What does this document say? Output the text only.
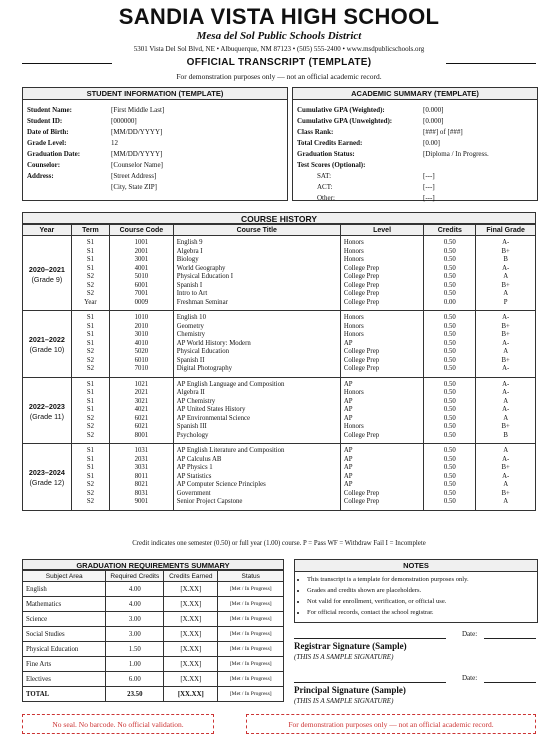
SANDIA VISTA HIGH SCHOOL
Mesa del Sol Public Schools District
5301 Vista Del Sol Blvd, NE • Albuquerque, NM 87123 • (505) 555-2400 • www.msdpublicschools.org
OFFICIAL TRANSCRIPT (TEMPLATE)
For demonstration purposes only — not an official academic record.
STUDENT INFORMATION (TEMPLATE)
Student Name:	[First Middle Last]
Student ID:	[000000]
Date of Birth:	[MM/DD/YYYY]
Grade Level:	12
Graduation Date:	[MM/DD/YYYY]
Counselor:	[Counselor Name]
Address:	[Street Address]
[City, State ZIP]
ACADEMIC SUMMARY (TEMPLATE)
Cumulative GPA (Weighted):	[0.000]
Cumulative GPA (Unweighted):	[0.000]
Class Rank:	[###] of [###]
Total Credits Earned:	[0.00]
Graduation Status:	[Diploma / In Progress.
Test Scores (Optional):
SAT:	[---]
ACT:	[---]
Other:	[---]
COURSE HISTORY
Year	Term	Course Code	Course Title	Level	Credits	Final Grade

2020–2021
(Grade 9)	S1	1001	English 9	Honors	0.50	A-
	S1	2001	Algebra I	Honors	0.50	B+
	S1	3001	Biology	Honors	0.50	B
	S1	4001	World Geography	College Prep	0.50	A-
	S2	5010	Physical Education I	College Prep	0.50	A
	S2	6001	Spanish I	College Prep	0.50	B+
	S2	7001	Intro to Art	College Prep	0.50	A
	Year	0009	Freshman Seminar	College Prep	0.00	P

2021–2022
(Grade 10)	S1	1010	English 10	Honors	0.50	A-
	S1	2010	Geometry	Honors	0.50	B+
	S1	3010	Chemistry	Honors	0.50	B+
	S1	4010	AP World History: Modern	AP	0.50	A-
	S2	5020	Physical Education	College Prep	0.50	A
	S2	6010	Spanish II	College Prep	0.50	B+
	S2	7010	Digital Photography	College Prep	0.50	A-

2022–2023
(Grade 11)	S1	1021	AP English Language and Composition	AP	0.50	A-
	S1	2021	Algebra II	Honors	0.50	A-
	S1	3021	AP Chemistry	AP	0.50	A
	S1	4021	AP United States History	AP	0.50	A-
	S2	6021	AP Environmental Science	AP	0.50	A
	S2	6021	Spanish III	Honors	0.50	B+
	S2	8001	Psychology	College Prep	0.50	B

2023–2024
(Grade 12)	S1	1031	AP English Literature and Composition	AP	0.50	A
	S1	2031	AP Calculus AB	AP	0.50	A-
	S1	3031	AP Physics 1	AP	0.50	B+
	S1	8011	AP Statistics	AP	0.50	A-
	S2	8021	AP Computer Science Principles	AP	0.50	A
	S2	8031	Government	College Prep	0.50	B+
	S2	9001	Senior Project Capstone	College Prep	0.50	A
Credit indicates one semester (0.50) or full year (1.00) course. P = Pass WF = Withdraw Fail I = Incomplete
GRADUATION REQUIREMENTS SUMMARY
Subject Area	Required Credits	Credits Earned	Status
English	4.00	[X.XX]	[Met / In Progress]
Mathematics	4.00	[X.XX]	[Met / In Progress]
Science	3.00	[X.XX]	[Met / In Progress]
Social Studies	3.00	[X.XX]	[Met / In Progress]
Physical Education	1.50	[X.XX]	[Met / In Progress]
Fine Arts	1.00	[X.XX]	[Met / In Progress]
Electives	6.00	[X.XX]	[Met / In Progress]
TOTAL	23.50	[XX.XX]	[Met / In Progress]
NOTES
• This transcript is a template for demonstration purposes only.
• Grades and credits shown are placeholders.
• Not valid for enrollment, verification, or official use.
• For official records, contact the school registrar.
Date:
Registrar Signature (Sample)
(THIS IS A SAMPLE SIGNATURE)
Date:
Principal Signature (Sample)
(THIS IS A SAMPLE SIGNATURE)
No seal. No barcode. No official validation.	For demonstration purposes only — not an official academic record.
